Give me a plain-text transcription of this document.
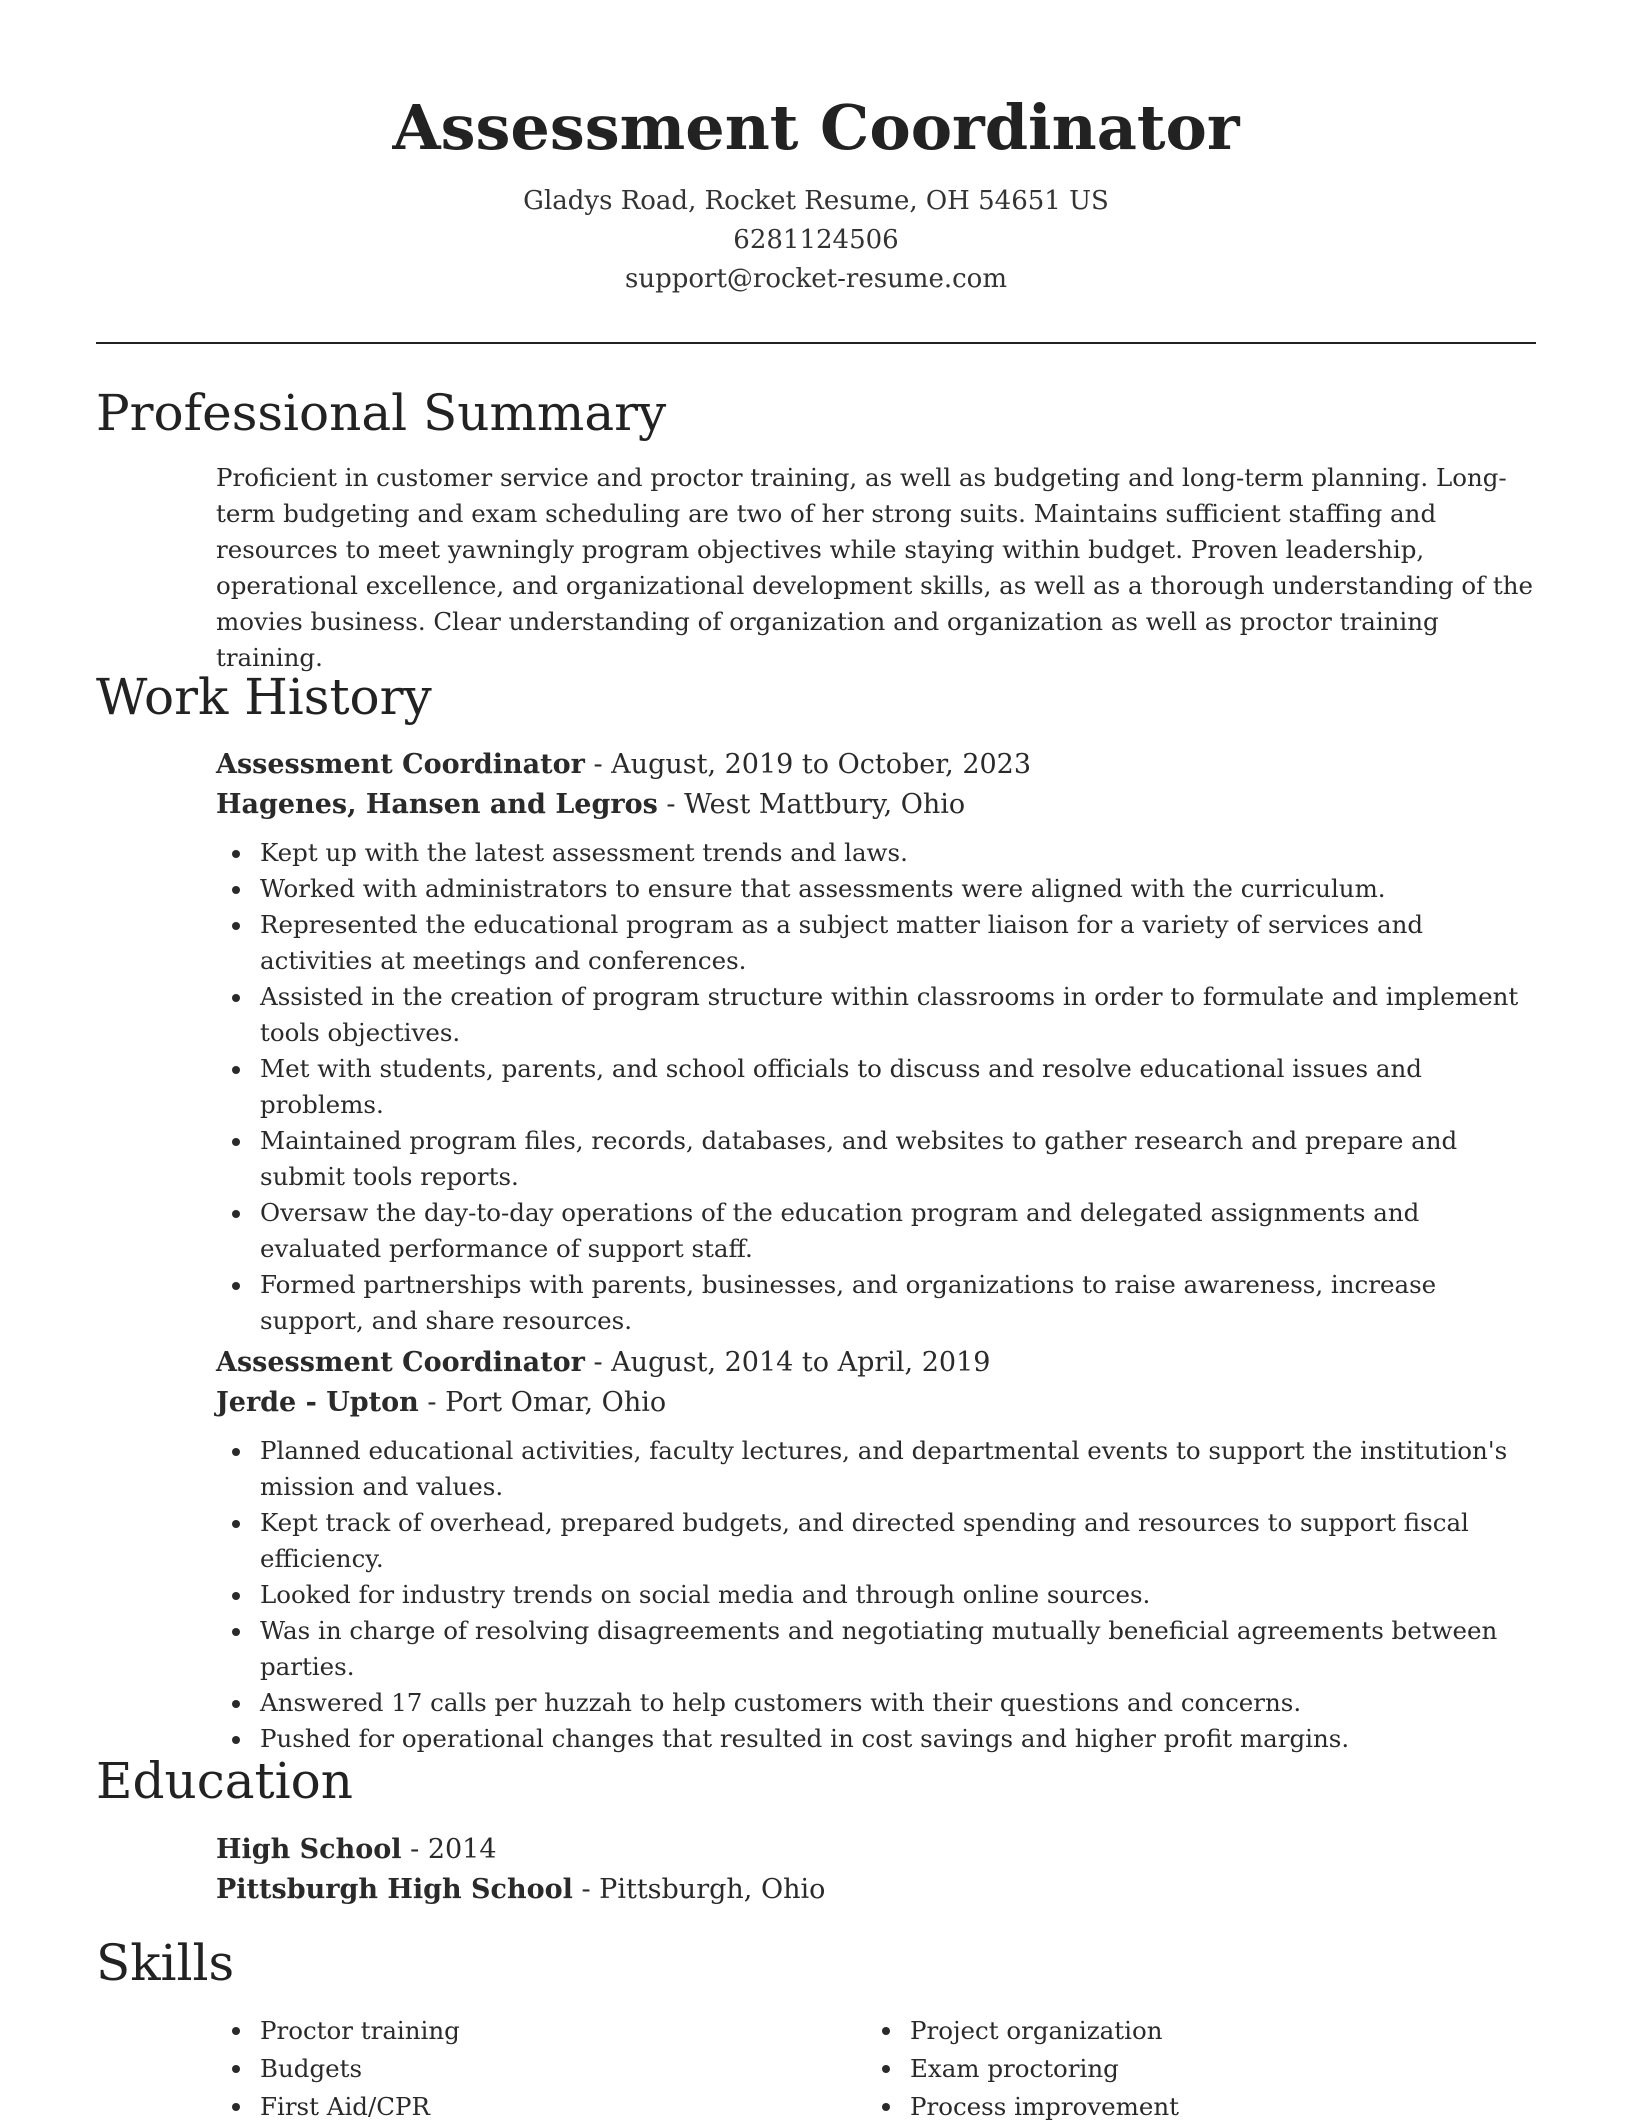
Assessment Coordinator
Gladys Road, Rocket Resume, OH 54651 US
6281124506
support@rocket-resume.com
Professional Summary
Proficient in customer service and proctor training, as well as budgeting and long-term planning. Long-term budgeting and exam scheduling are two of her strong suits. Maintains sufficient staffing and resources to meet yawningly program objectives while staying within budget. Proven leadership, operational excellence, and organizational development skills, as well as a thorough understanding of the movies business. Clear understanding of organization and organization as well as proctor training training.
Work History
Assessment Coordinator - August, 2019 to October, 2023
Hagenes, Hansen and Legros - West Mattbury, Ohio
Kept up with the latest assessment trends and laws.
Worked with administrators to ensure that assessments were aligned with the curriculum.
Represented the educational program as a subject matter liaison for a variety of services and activities at meetings and conferences.
Assisted in the creation of program structure within classrooms in order to formulate and implement tools objectives.
Met with students, parents, and school officials to discuss and resolve educational issues and problems.
Maintained program files, records, databases, and websites to gather research and prepare and submit tools reports.
Oversaw the day-to-day operations of the education program and delegated assignments and evaluated performance of support staff.
Formed partnerships with parents, businesses, and organizations to raise awareness, increase support, and share resources.
Assessment Coordinator - August, 2014 to April, 2019
Jerde - Upton - Port Omar, Ohio
Planned educational activities, faculty lectures, and departmental events to support the institution's mission and values.
Kept track of overhead, prepared budgets, and directed spending and resources to support fiscal efficiency.
Looked for industry trends on social media and through online sources.
Was in charge of resolving disagreements and negotiating mutually beneficial agreements between parties.
Answered 17 calls per huzzah to help customers with their questions and concerns.
Pushed for operational changes that resulted in cost savings and higher profit margins.
Education
High School - 2014
Pittsburgh High School - Pittsburgh, Ohio
Skills
Proctor training
Budgets
First Aid/CPR
Project organization
Exam proctoring
Process improvement
